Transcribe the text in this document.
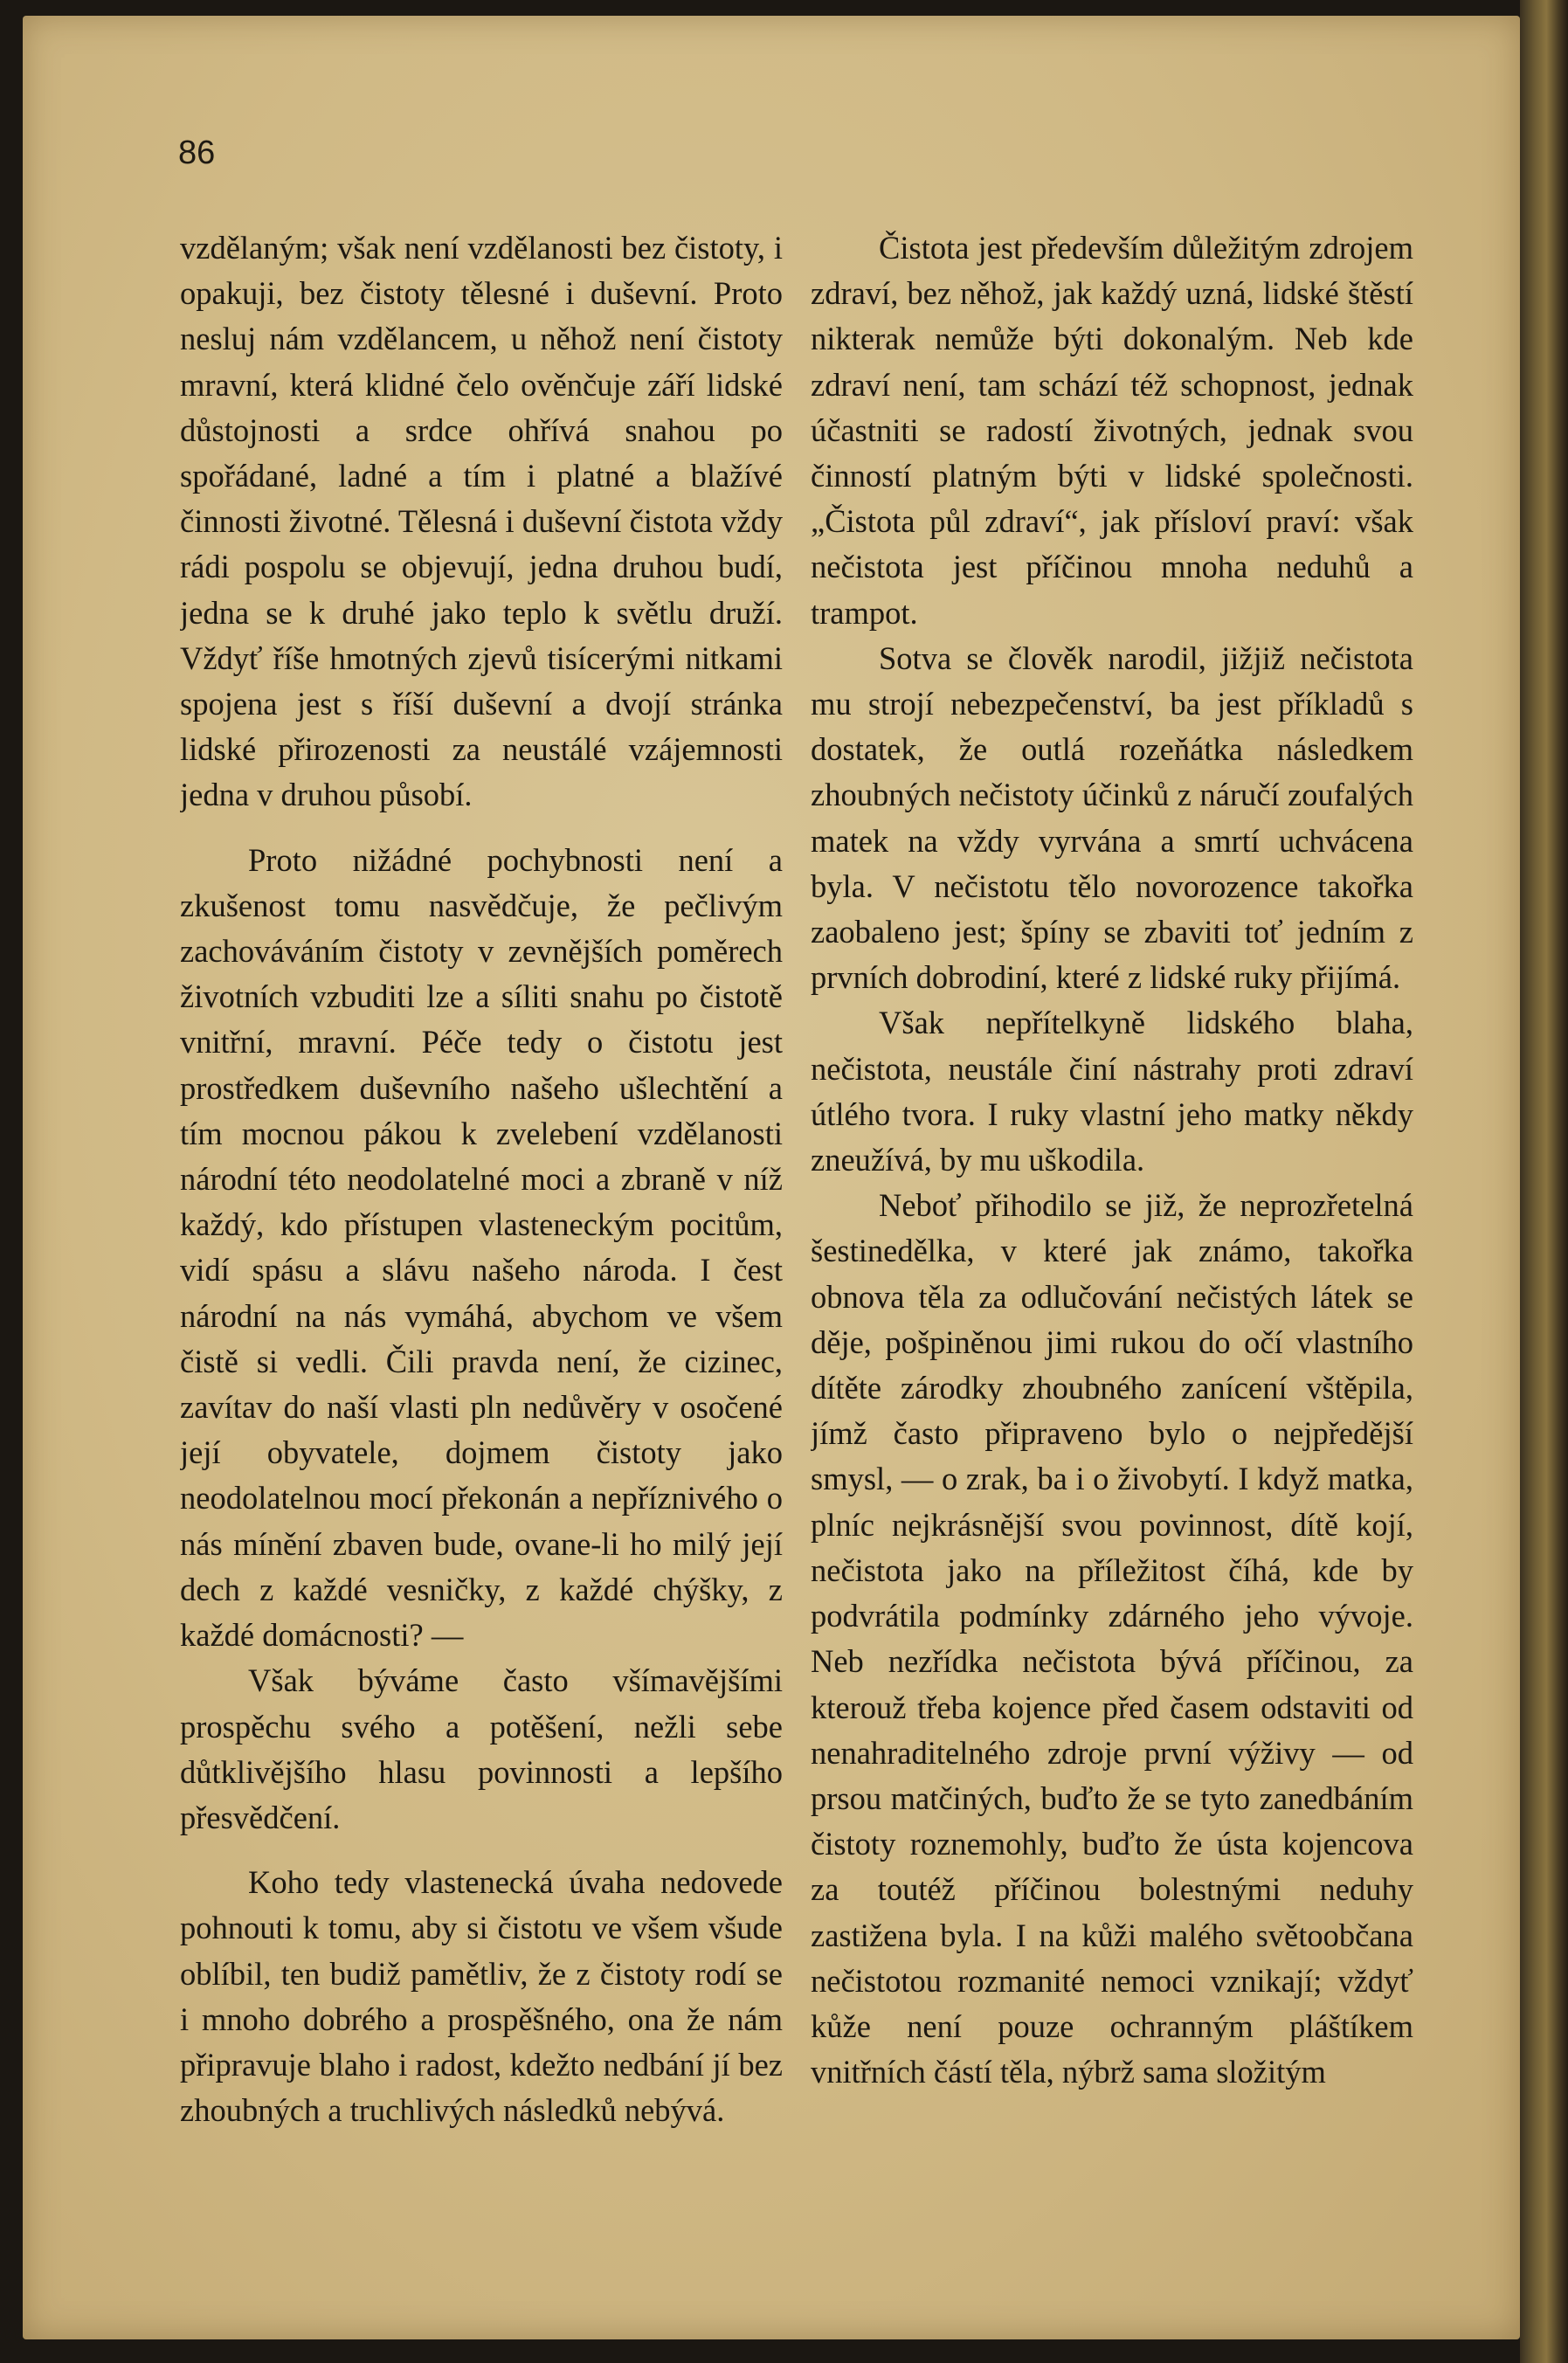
86

vzdělaným; však není vzdělanosti bez čistoty, i opakuji, bez čistoty tělesné i duševní. Proto nesluj nám vzdělancem, u něhož není čistoty mravní, která klidné čelo ověnčuje září lidské důstojnosti a srdce ohřívá snahou po spořádané, ladné a tím i platné a blažívé činnosti životné. Tělesná i duševní čistota vždy rádi pospolu se objevují, jedna druhou budí, jedna se k druhé jako teplo k světlu druží. Vždyť říše hmotných zjevů tisícerými nitkami spojena jest s říší duševní a dvojí stránka lidské přirozenosti za neustálé vzájemnosti jedna v druhou působí.

Proto nižádné pochybnosti není a zkušenost tomu nasvědčuje, že pečlivým zachováváním čistoty v zevnějších poměrech životních vzbuditi lze a síliti snahu po čistotě vnitřní, mravní. Péče tedy o čistotu jest prostředkem duševního našeho ušlechtění a tím mocnou pákou k zvelebení vzdělanosti národní této neodolatelné moci a zbraně v níž každý, kdo přístupen vlasteneckým pocitům, vidí spásu a slávu našeho národa. I čest národní na nás vymáhá, abychom ve všem čistě si vedli. Čili pravda není, že cizinec, zavítav do naší vlasti pln nedůvěry v osočené její obyvatele, dojmem čistoty jako neodolatelnou mocí překonán a nepříznivého o nás mínění zbaven bude, ovane-li ho milý její dech z každé vesničky, z každé chýšky, z každé domácnosti? —

Však býváme často všímavějšími prospěchu svého a potěšení, nežli sebe důtklivějšího hlasu povinnosti a lepšího přesvědčení.

Koho tedy vlastenecká úvaha nedovede pohnouti k tomu, aby si čistotu ve všem všude oblíbil, ten budiž pamětliv, že z čistoty rodí se i mnoho dobrého a prospěšného, ona že nám připravuje blaho i radost, kdežto nedbání jí bez zhoubných a truchlivých následků nebývá.

Čistota jest především důležitým zdrojem zdraví, bez něhož, jak každý uzná, lidské štěstí nikterak nemůže býti dokonalým. Neb kde zdraví není, tam schází též schopnost, jednak účastniti se radostí životných, jednak svou činností platným býti v lidské společnosti. „Čistota půl zdraví“, jak přísloví praví: však nečistota jest příčinou mnoha neduhů a trampot.

Sotva se člověk narodil, jižjiž nečistota mu strojí nebezpečenství, ba jest příkladů s dostatek, že outlá rozeňátka následkem zhoubných nečistoty účinků z náručí zoufalých matek na vždy vyrvána a smrtí uchvácena byla. V nečistotu tělo novorozence takořka zaobaleno jest; špíny se zbaviti toť jedním z prvních dobrodiní, které z lidské ruky přijímá.

Však nepřítelkyně lidského blaha, nečistota, neustále činí nástrahy proti zdraví útlého tvora. I ruky vlastní jeho matky někdy zneužívá, by mu uškodila.

Neboť přihodilo se již, že neprozřetelná šestinedělka, v které jak známo, takořka obnova těla za odlučování nečistých látek se děje, pošpiněnou jimi rukou do očí vlastního dítěte zárodky zhoubného zanícení vštěpila, jímž často připraveno bylo o nejpředější smysl, — o zrak, ba i o živobytí. I když matka, plníc nejkrásnější svou povinnost, dítě kojí, nečistota jako na příležitost číhá, kde by podvrátila podmínky zdárného jeho vývoje. Neb nezřídka nečistota bývá příčinou, za kterouž třeba kojence před časem odstaviti od nenahraditelného zdroje první výživy — od prsou matčiných, buďto že se tyto zanedbáním čistoty roznemohly, buďto že ústa kojencova za toutéž příčinou bolestnými neduhy zastižena byla. I na kůži malého světoobčana nečistotou rozmanité nemoci vznikají; vždyť kůže není pouze ochranným pláštíkem vnitřních částí těla, nýbrž sama složitým
